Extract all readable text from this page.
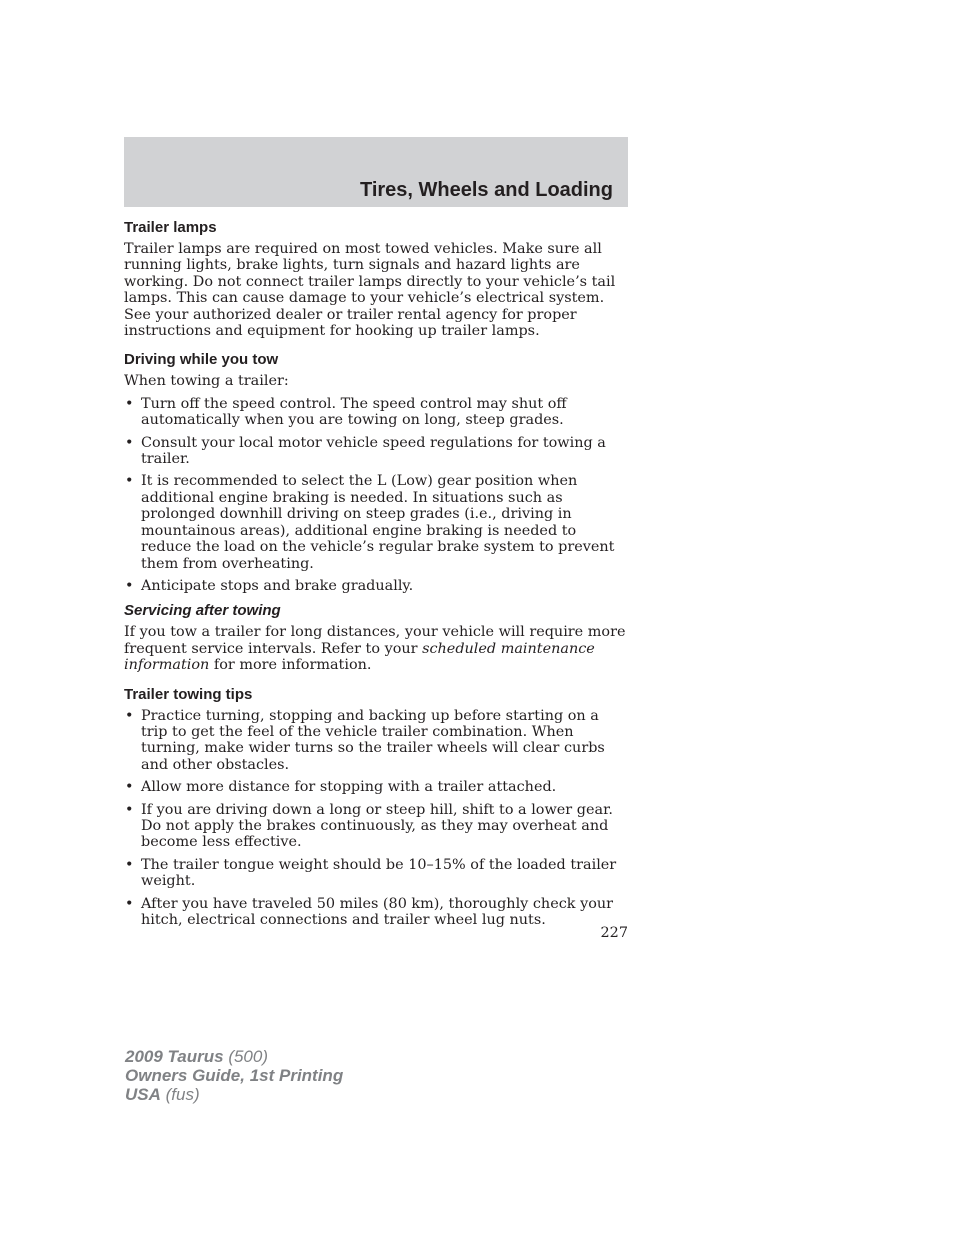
Tires, Wheels and Loading
Trailer lamps

Trailer lamps are required on most towed vehicles. Make sure all running lights, brake lights, turn signals and hazard lights are working. Do not connect trailer lamps directly to your vehicle’s tail lamps. This can cause damage to your vehicle’s electrical system. See your authorized dealer or trailer rental agency for proper instructions and equipment for hooking up trailer lamps.

Driving while you tow

When towing a trailer:

• Turn off the speed control. The speed control may shut off automatically when you are towing on long, steep grades.
• Consult your local motor vehicle speed regulations for towing a trailer.
• It is recommended to select the L (Low) gear position when additional engine braking is needed. In situations such as prolonged downhill driving on steep grades (i.e., driving in mountainous areas), additional engine braking is needed to reduce the load on the vehicle’s regular brake system to prevent them from overheating.
• Anticipate stops and brake gradually.
Servicing after towing

If you tow a trailer for long distances, your vehicle will require more frequent service intervals. Refer to your scheduled maintenance information for more information.

Trailer towing tips
• Practice turning, stopping and backing up before starting on a trip to get the feel of the vehicle trailer combination. When turning, make wider turns so the trailer wheels will clear curbs and other obstacles.
• Allow more distance for stopping with a trailer attached.
• If you are driving down a long or steep hill, shift to a lower gear. Do not apply the brakes continuously, as they may overheat and become less effective.
• The trailer tongue weight should be 10–15% of the loaded trailer weight.
• After you have traveled 50 miles (80 km), thoroughly check your hitch, electrical connections and trailer wheel lug nuts.

227

2009 Taurus (500)
Owners Guide, 1st Printing
USA (fus)
